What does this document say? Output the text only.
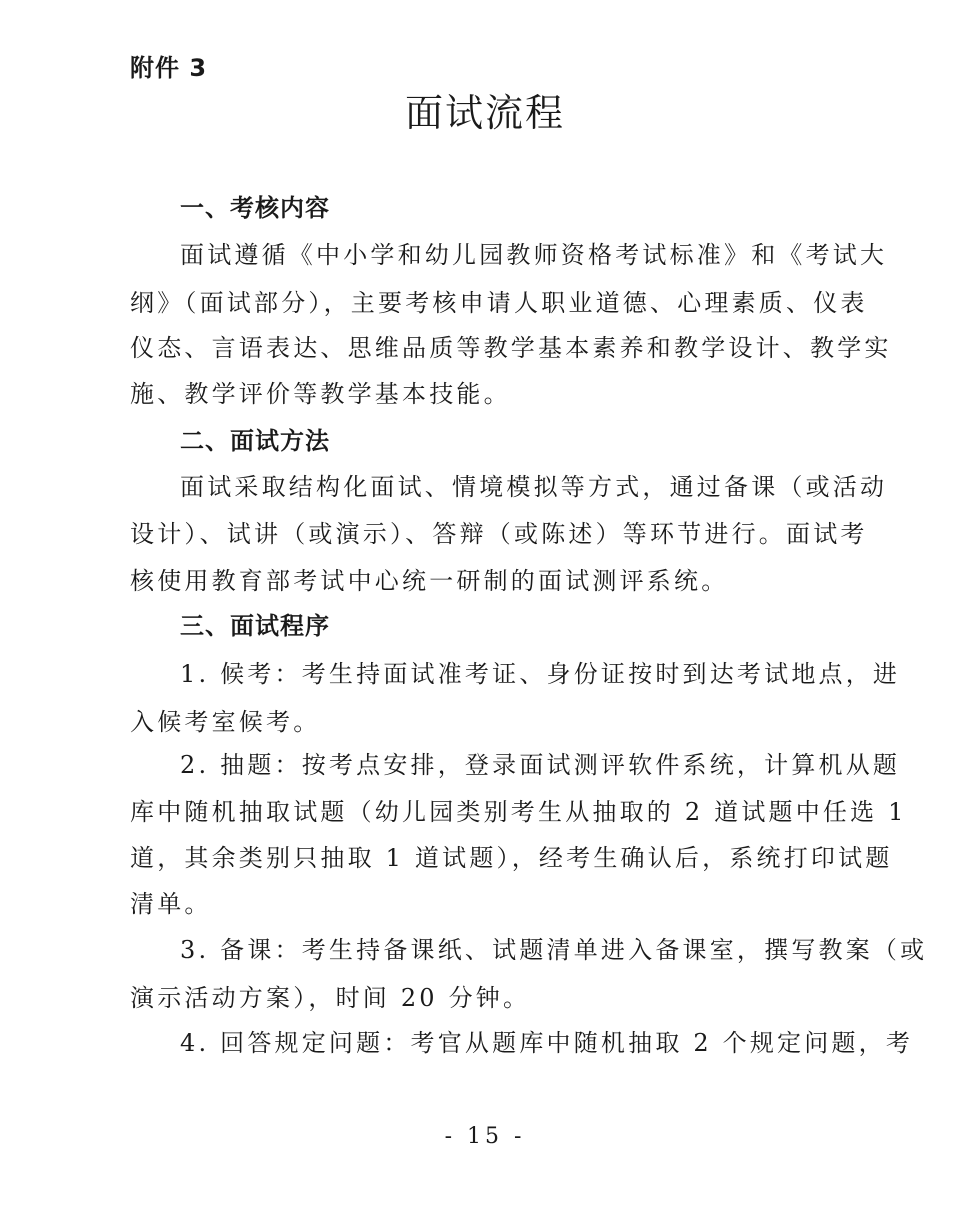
附件 3
面试流程
一、考核内容
面试遵循《中小学和幼儿园教师资格考试标准》和《考试大
纲》（面试部分），主要考核申请人职业道德、心理素质、仪表
仪态、言语表达、思维品质等教学基本素养和教学设计、教学实
施、教学评价等教学基本技能。
二、面试方法
面试采取结构化面试、情境模拟等方式，通过备课（或活动
设计）、试讲（或演示）、答辩（或陈述）等环节进行。面试考
核使用教育部考试中心统一研制的面试测评系统。
三、面试程序
1. 候考：考生持面试准考证、身份证按时到达考试地点，进
入候考室候考。
2. 抽题：按考点安排，登录面试测评软件系统，计算机从题
库中随机抽取试题（幼儿园类别考生从抽取的 2 道试题中任选 1
道，其余类别只抽取 1 道试题），经考生确认后，系统打印试题
清单。
3. 备课：考生持备课纸、试题清单进入备课室，撰写教案（或
演示活动方案），时间 20 分钟。
4. 回答规定问题：考官从题库中随机抽取 2 个规定问题，考
- 15 -
